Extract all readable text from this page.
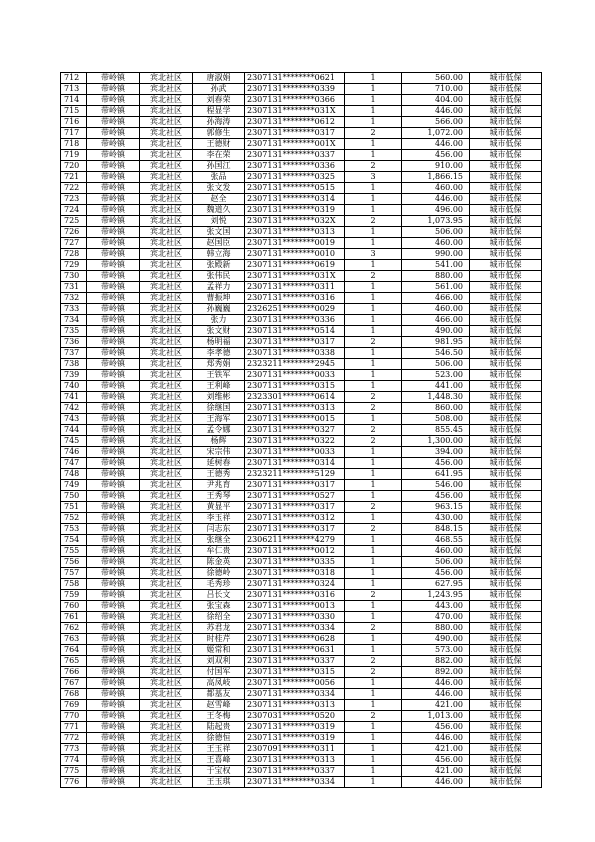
712	带岭镇	宾北社区	唐淑娟	2307131********0621	1	560.00	城市低保
713	带岭镇	宾北社区	孙武	2307131********0339	1	710.00	城市低保
714	带岭镇	宾北社区	刘春荣	2307131********0366	1	404.00	城市低保
715	带岭镇	宾北社区	程显学	2307131********031X	1	446.00	城市低保
716	带岭镇	宾北社区	孙海涛	2307131********0612	1	566.00	城市低保
717	带岭镇	宾北社区	郭修生	2307131********0317	2	1,072.00	城市低保
718	带岭镇	宾北社区	王德财	2307131********001X	1	446.00	城市低保
719	带岭镇	宾北社区	李在荣	2307131********0337	1	456.00	城市低保
720	带岭镇	宾北社区	孙国江	2307131********0336	2	910.00	城市低保
721	带岭镇	宾北社区	张品	2307131********0325	3	1,866.15	城市低保
722	带岭镇	宾北社区	张文发	2307131********0515	1	460.00	城市低保
723	带岭镇	宾北社区	赵全	2307131********0314	1	446.00	城市低保
724	带岭镇	宾北社区	魏道久	2307131********0319	1	496.00	城市低保
725	带岭镇	宾北社区	刘悦	2307131********032X	2	1,073.95	城市低保
726	带岭镇	宾北社区	张文国	2307131********0313	1	506.00	城市低保
727	带岭镇	宾北社区	赵国臣	2307131********0019	1	460.00	城市低保
728	带岭镇	宾北社区	韩立海	2307131********0010	3	990.00	城市低保
729	带岭镇	宾北社区	张殿新	2307131********0619	1	541.00	城市低保
730	带岭镇	宾北社区	张伟民	2307131********031X	2	880.00	城市低保
731	带岭镇	宾北社区	孟祥力	2307131********0311	1	561.00	城市低保
732	带岭镇	宾北社区	曹振坤	2307131********0316	1	466.00	城市低保
733	带岭镇	宾北社区	孙巍巍	2326251********0029	1	460.00	城市低保
734	带岭镇	宾北社区	张力	2307131********0336	1	466.00	城市低保
735	带岭镇	宾北社区	张文财	2307131********0514	1	490.00	城市低保
736	带岭镇	宾北社区	杨明福	2307131********0317	2	981.95	城市低保
737	带岭镇	宾北社区	李孝德	2307131********0338	1	546.50	城市低保
738	带岭镇	宾北社区	郑秀娟	2323211********2945	1	506.00	城市低保
739	带岭镇	宾北社区	王铁军	2307131********0033	1	523.00	城市低保
740	带岭镇	宾北社区	王利峰	2307131********0315	1	441.00	城市低保
741	带岭镇	宾北社区	刘维彬	2323301********0614	2	1,448.30	城市低保
742	带岭镇	宾北社区	徐继国	2307131********0313	2	860.00	城市低保
743	带岭镇	宾北社区	王海军	2307131********0015	1	508.00	城市低保
744	带岭镇	宾北社区	孟令娜	2307131********0327	2	855.45	城市低保
745	带岭镇	宾北社区	杨辉	2307131********0322	2	1,300.00	城市低保
746	带岭镇	宾北社区	宋宗伟	2307131********0033	1	394.00	城市低保
747	带岭镇	宾北社区	延树春	2307131********0314	1	456.00	城市低保
748	带岭镇	宾北社区	王德秀	2323211********5129	1	641.95	城市低保
749	带岭镇	宾北社区	尹兆育	2307131********0317	1	546.00	城市低保
750	带岭镇	宾北社区	王秀琴	2307131********0527	1	456.00	城市低保
751	带岭镇	宾北社区	黄显平	2307131********0317	2	963.15	城市低保
752	带岭镇	宾北社区	李玉祥	2307131********0312	1	430.00	城市低保
753	带岭镇	宾北社区	闫志东	2307131********0317	2	848.15	城市低保
754	带岭镇	宾北社区	张继全	2306211********4279	1	468.55	城市低保
755	带岭镇	宾北社区	牟仁贵	2307131********0012	1	460.00	城市低保
756	带岭镇	宾北社区	陈金英	2307131********0335	1	506.00	城市低保
757	带岭镇	宾北社区	徐德岭	2307131********0318	1	456.00	城市低保
758	带岭镇	宾北社区	毛秀珍	2307131********0324	1	627.95	城市低保
759	带岭镇	宾北社区	吕长文	2307131********0316	2	1,243.95	城市低保
760	带岭镇	宾北社区	张宝森	2307131********0013	1	443.00	城市低保
761	带岭镇	宾北社区	徐绍全	2307131********0330	1	470.00	城市低保
762	带岭镇	宾北社区	苏君龙	2307131********0334	2	880.00	城市低保
763	带岭镇	宾北社区	时桂芹	2307131********0628	1	490.00	城市低保
764	带岭镇	宾北社区	姬常和	2307131********0631	1	573.00	城市低保
765	带岭镇	宾北社区	刘双利	2307131********0337	2	882.00	城市低保
766	带岭镇	宾北社区	付国军	2307131********0315	2	892.00	城市低保
767	带岭镇	宾北社区	高凤岐	2307131********0056	1	446.00	城市低保
768	带岭镇	宾北社区	都基友	2307131********0334	1	446.00	城市低保
769	带岭镇	宾北社区	赵雪峰	2307131********0313	1	421.00	城市低保
770	带岭镇	宾北社区	王冬梅	2307031********0520	2	1,013.00	城市低保
771	带岭镇	宾北社区	陆起贵	2307131********0319	1	456.00	城市低保
772	带岭镇	宾北社区	徐德恒	2307131********0319	1	446.00	城市低保
773	带岭镇	宾北社区	王玉祥	2307091********0311	1	421.00	城市低保
774	带岭镇	宾北社区	王喜峰	2307131********0313	1	456.00	城市低保
775	带岭镇	宾北社区	于宝权	2307131********0337	1	421.00	城市低保
776	带岭镇	宾北社区	王玉琪	2307131********0334	1	446.00	城市低保
